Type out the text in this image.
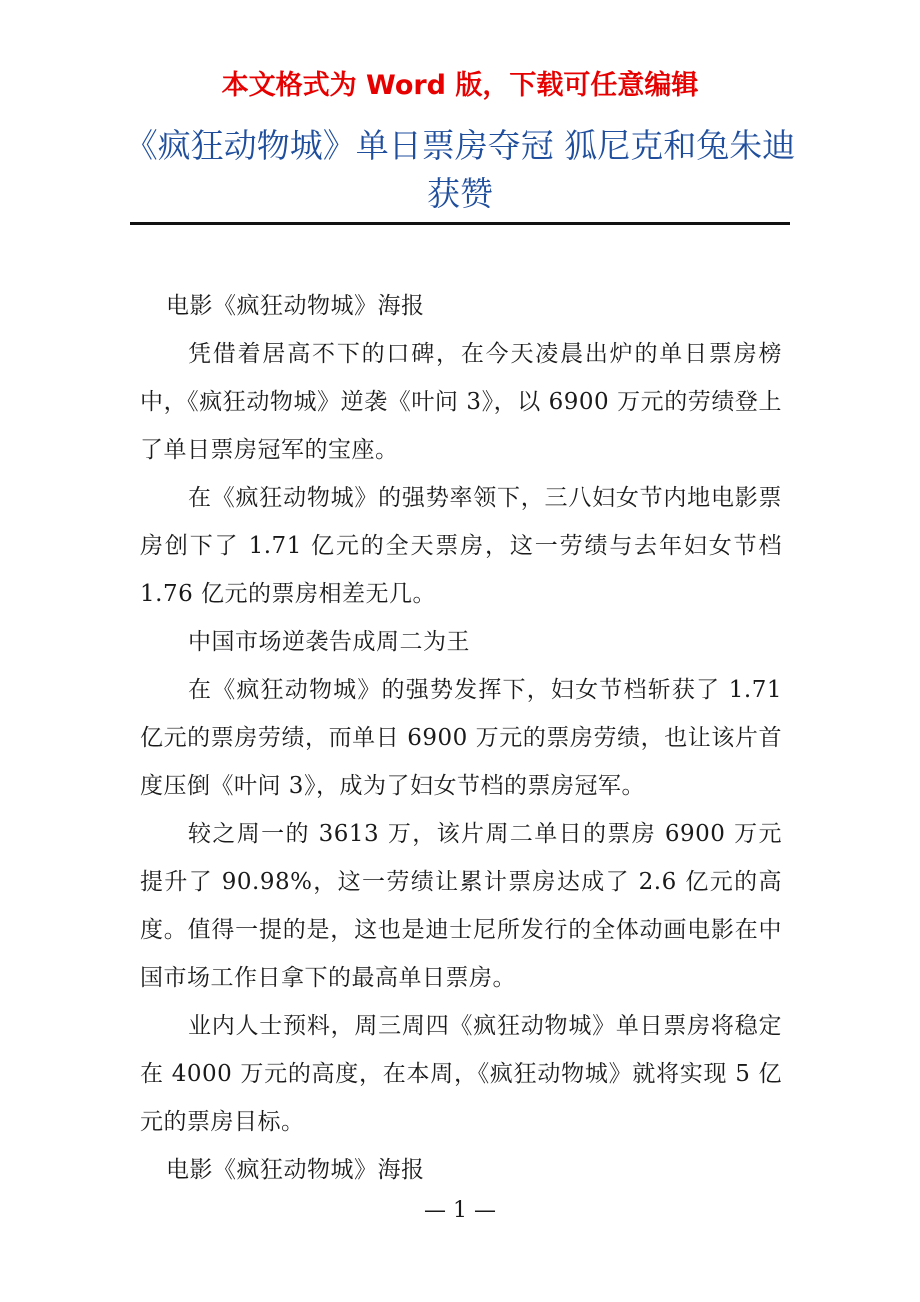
本文格式为 Word 版，下载可任意编辑
《疯狂动物城》单日票房夺冠 狐尼克和兔朱迪获赞

电影《疯狂动物城》海报

凭借着居高不下的口碑，在今天凌晨出炉的单日票房榜中，《疯狂动物城》逆袭《叶问 3》，以 6900 万元的劳绩登上了单日票房冠军的宝座。

在《疯狂动物城》的强势率领下，三八妇女节内地电影票房创下了 1.71 亿元的全天票房，这一劳绩与去年妇女节档 1.76 亿元的票房相差无几。

中国市场逆袭告成周二为王

在《疯狂动物城》的强势发挥下，妇女节档斩获了 1.71 亿元的票房劳绩，而单日 6900 万元的票房劳绩，也让该片首度压倒《叶问 3》，成为了妇女节档的票房冠军。

较之周一的 3613 万，该片周二单日的票房 6900 万元提升了 90.98%，这一劳绩让累计票房达成了 2.6 亿元的高度。值得一提的是，这也是迪士尼所发行的全体动画电影在中国市场工作日拿下的最高单日票房。

业内人士预料，周三周四《疯狂动物城》单日票房将稳定在 4000 万元的高度，在本周，《疯狂动物城》就将实现 5 亿元的票房目标。

电影《疯狂动物城》海报

— 1 —
